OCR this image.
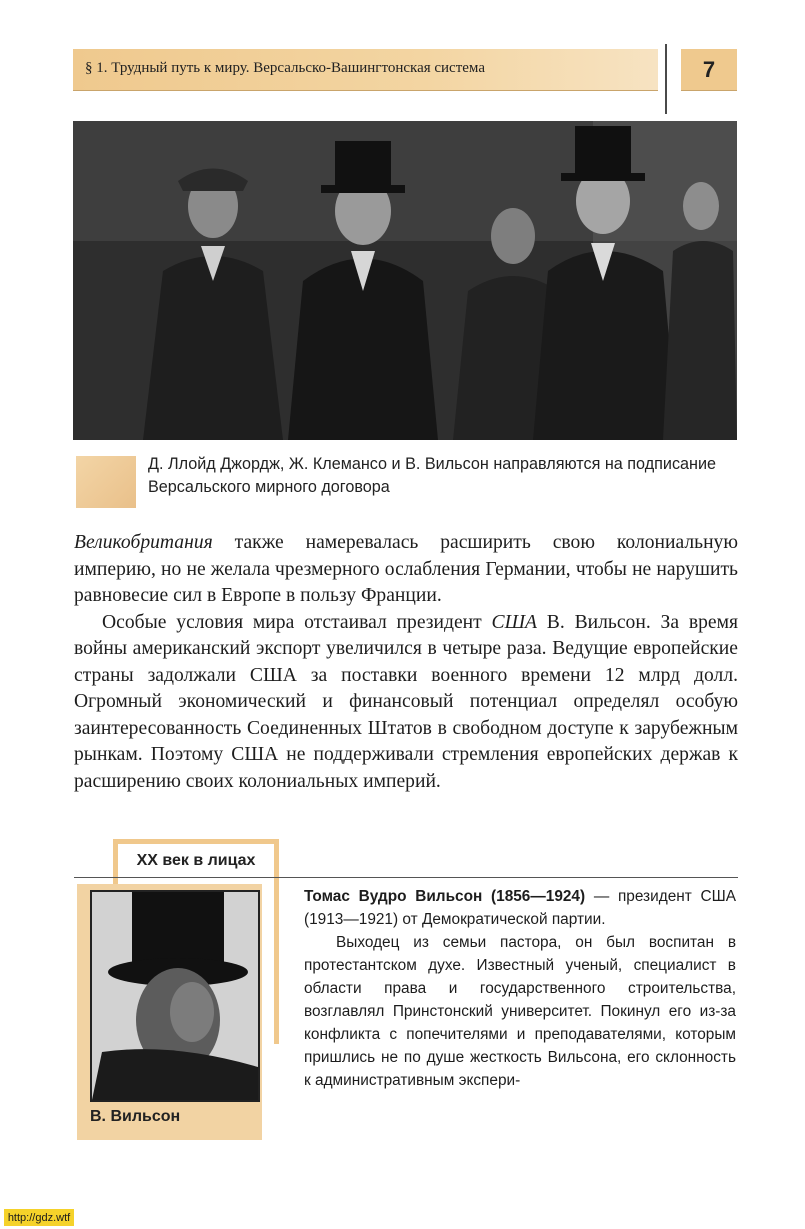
§ 1. Трудный путь к миру. Версальско-Вашингтонская система	7
Д. Ллойд Джордж, Ж. Клемансо и В. Вильсон направляются на подписание Версальского мирного договора

Великобритания также намеревалась расширить свою колониальную империю, но не желала чрезмерного ослабления Германии, чтобы не нарушить равновесие сил в Европе в пользу Франции.

Особые условия мира отстаивал президент США В. Вильсон. За время войны американский экспорт увеличился в четыре раза. Ведущие европейские страны задолжали США за поставки военного времени 12 млрд долл. Огромный экономический и финансовый потенциал определял особую заинтересованность Соединенных Штатов в свободном доступе к зарубежным рынкам. Поэтому США не поддерживали стремления европейских держав к расширению своих колониальных империй.

XX век в лицах
В. Вильсон

Томас Вудро Вильсон (1856—1924) — президент США (1913—1921) от Демократической партии.

Выходец из семьи пастора, он был воспитан в протестантском духе. Известный ученый, специалист в области права и государственного строительства, возглавлял Принстонский университет. Покинул его из-за конфликта с попечителями и преподавателями, которым пришлись не по душе жесткость Вильсона, его склонность к административным экспери-

http://gdz.wtf
